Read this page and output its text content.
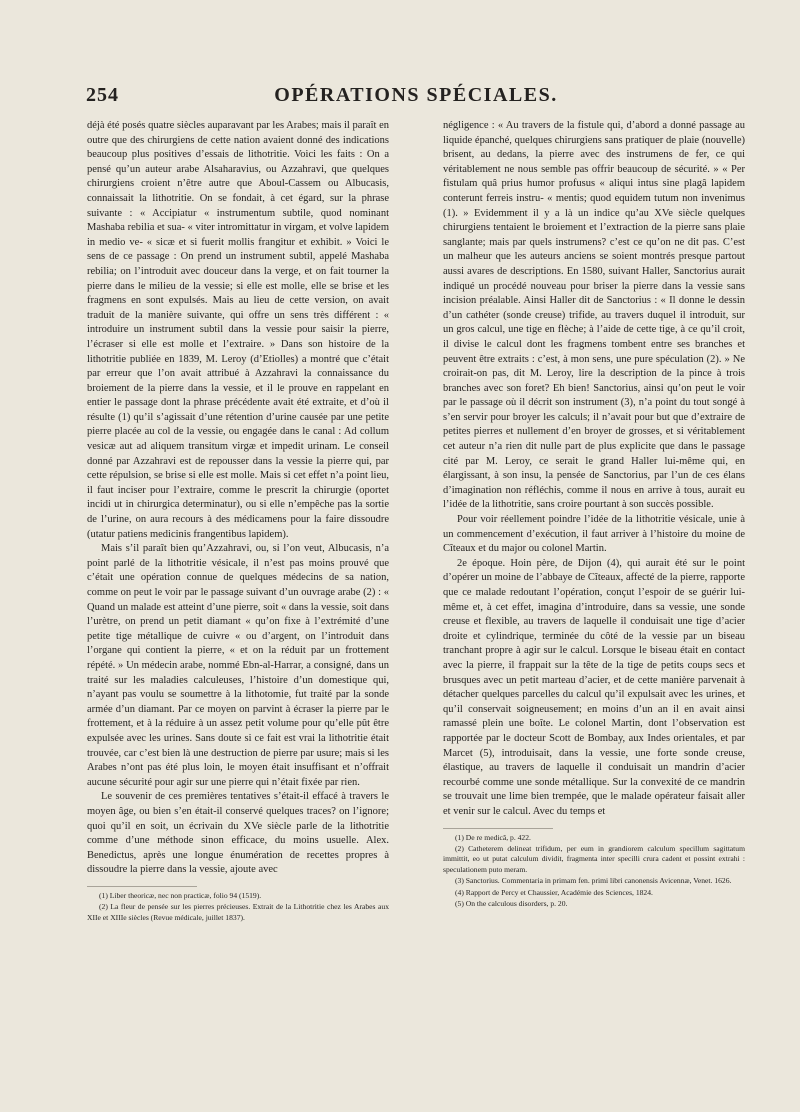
254	OPÉRATIONS SPÉCIALES.

déjà été posés quatre siècles auparavant par les Arabes; mais il paraît en outre que des chirurgiens de cette nation avaient donné des indications beaucoup plus positives d’essais de lithotritie. Voici les faits : On a pensé qu’un auteur arabe Alsaharavius, ou Azzahravi, que quelques chirurgiens croient n’être autre que Aboul-Cassem ou Albucasis, connaissait la lithotritie. On se fondait, à cet égard, sur la phrase suivante : « Accipiatur « instrumentum subtile, quod nominant Mashaba rebilia et sua- « viter intromittatur in virgam, et volve lapidem in medio ve- « sicæ et si fuerit mollis frangitur et exhibit. » Voici le sens de ce passage : On prend un instrument subtil, appelé Mashaba rebilia; on l’introduit avec douceur dans la verge, et on fait tourner la pierre dans le milieu de la vessie; si elle est molle, elle se brise et les fragmens en sont expulsés. Mais au lieu de cette version, on avait traduit de la manière suivante, qui offre un sens très différent : « introduire un instrument subtil dans la vessie pour saisir la pierre, l’écraser si elle est molle et l’extraire. » Dans son histoire de la lithotritie publiée en 1839, M. Leroy (d’Etiolles) a montré que c’était par erreur que l’on avait attribué à Azzahravi la connaissance du broiement de la pierre dans la vessie, et il le prouve en rappelant en entier le passage dont la phrase précédente avait été extraite, et d’où il résulte (1) qu’il s’agissait d’une rétention d’urine causée par une petite pierre placée au col de la vessie, ou engagée dans le canal : Ad collum vesicæ aut ad aliquem transitum virgæ et impedit urinam. Le conseil donné par Azzahravi est de repousser dans la vessie la pierre qui, par cette répulsion, se brise si elle est molle. Mais si cet effet n’a point lieu, il faut inciser pour l’extraire, comme le prescrit la chirurgie (oportet incidi ut in chirurgica determinatur), ou si elle n’empêche pas la sortie de l’urine, on aura recours à des médicamens pour la faire dissoudre (utatur patiens medicinis frangentibus lapidem).

Mais s’il paraît bien qu’Azzahravi, ou, si l’on veut, Albucasis, n’a point parlé de la lithotritie vésicale, il n’est pas moins prouvé que c’était une opération connue de quelques médecins de sa nation, comme on peut le voir par le passage suivant d’un ouvrage arabe (2) : « Quand un malade est atteint d’une pierre, soit « dans la vessie, soit dans l’urètre, on prend un petit diamant « qu’on fixe à l’extrémité d’une petite tige métallique de cuivre « ou d’argent, on l’introduit dans l’organe qui contient la pierre, « et on la réduit par un frottement répété. » Un médecin arabe, nommé Ebn-al-Harrar, a consigné, dans un traité sur les maladies calculeuses, l’histoire d’un domestique qui, n’ayant pas voulu se soumettre à la lithotomie, fut traité par la sonde armée d’un diamant. Par ce moyen on parvint à écraser la pierre par le frottement, et à la réduire à un assez petit volume pour qu’elle pût être expulsée avec les urines. Sans doute si ce fait est vrai la lithotritie était trouvée, car c’est bien là une destruction de pierre par usure; mais si les Arabes n’ont pas été plus loin, le moyen était insuffisant et n’offrait aucune sécurité pour agir sur une pierre qui n’était fixée par rien.

Le souvenir de ces premières tentatives s’était-il effacé à travers le moyen âge, ou bien s’en était-il conservé quelques traces? on l’ignore; quoi qu’il en soit, un écrivain du XVe siècle parle de la lithotritie comme d’une méthode sinon efficace, du moins usuelle. Alex. Benedictus, après une longue énumération de recettes propres à dissoudre la pierre dans la vessie, ajoute avec

(1) Liber theoricæ, nec non practicæ, folio 94 (1519).

(2) La fleur de pensée sur les pierres précieuses. Extrait de la Lithotritie chez les Arabes aux XIIe et XIIIe siècles (Revue médicale, juillet 1837).

négligence : « Au travers de la fistule qui, d’abord a donné passage au liquide épanché, quelques chirurgiens sans pratiquer de plaie (nouvelle) brisent, au dedans, la pierre avec des instrumens de fer, ce qui véritablement ne nous semble pas offrir beaucoup de sécurité. » « Per fistulam quâ prius humor profusus « aliqui intus sine plagâ lapidem conterunt ferreis instru- « mentis; quod equidem tutum non invenimus (1). » Evidemment il y a là un indice qu’au XVe siècle quelques chirurgiens tentaient le broiement et l’extraction de la pierre sans plaie sanglante; mais par quels instrumens? c’est ce qu’on ne dit pas. C’est un malheur que les auteurs anciens se soient montrés presque partout aussi avares de descriptions. En 1580, suivant Haller, Sanctorius aurait indiqué un procédé nouveau pour briser la pierre dans la vessie sans incision préalable. Ainsi Haller dit de Sanctorius : « Il donne le dessin d’un cathéter (sonde creuse) trifide, au travers duquel il introduit, sur un gros calcul, une tige en flèche; à l’aide de cette tige, à ce qu’il croit, il divise le calcul dont les fragmens tombent entre ses branches et peuvent être extraits : c’est, à mon sens, une pure spéculation (2). » Ne croirait-on pas, dit M. Leroy, lire la description de la pince à trois branches avec son foret? Eh bien! Sanctorius, ainsi qu’on peut le voir par le passage où il décrit son instrument (3), n’a point du tout songé à s’en servir pour broyer les calculs; il n’avait pour but que d’extraire de petites pierres et nullement d’en broyer de grosses, et si véritablement cet auteur n’a rien dit nulle part de plus explicite que dans le passage cité par M. Leroy, ce serait le grand Haller lui-même qui, en élargissant, à son insu, la pensée de Sanctorius, par l’un de ces élans d’imagination non réfléchis, comme il nous en arrive à tous, aurait eu l’idée de la lithotritie, sans croire pourtant à son succès possible.

Pour voir réellement poindre l’idée de la lithotritie vésicale, unie à un commencement d’exécution, il faut arriver à l’histoire du moine de Cîteaux et du major ou colonel Martin.

2e époque. Hoin père, de Dijon (4), qui aurait été sur le point d’opérer un moine de l’abbaye de Cîteaux, affecté de la pierre, rapporte que ce malade redoutant l’opération, conçut l’espoir de se guérir lui-même et, à cet effet, imagina d’introduire, dans sa vessie, une sonde creuse et flexible, au travers de laquelle il conduisait une tige d’acier droite et cylindrique, terminée du côté de la vessie par un biseau tranchant propre à agir sur le calcul. Lorsque le biseau était en contact avec la pierre, il frappait sur la tête de la tige de petits coups secs et brusques avec un petit marteau d’acier, et de cette manière parvenait à détacher quelques parcelles du calcul qu’il expulsait avec les urines, et qu’il conservait soigneusement; en moins d’un an il en avait ainsi ramassé plein une boîte. Le colonel Martin, dont l’observation est rapportée par le docteur Scott de Bombay, aux Indes orientales, et par Marcet (5), introduisait, dans la vessie, une forte sonde creuse, élastique, au travers de laquelle il conduisait un mandrin d’acier recourbé comme une sonde métallique. Sur la convexité de ce mandrin se trouvait une lime bien trempée, que le malade opérateur faisait aller et venir sur le calcul. Avec du temps et

(1) De re medicâ, p. 422.

(2) Catheterem delineat trifidum, per eum in grandiorem calculum specillum sagittatum immittit, eo ut putat calculum dividit, fragmenta inter specilli crura cadent et possint extrahi : speculationem puto meram.

(3) Sanctorius. Commentaria in primam fen. primi libri canonensis Avicennæ, Venet. 1626.

(4) Rapport de Percy et Chaussier, Académie des Sciences, 1824.

(5) On the calculous disorders, p. 20.
